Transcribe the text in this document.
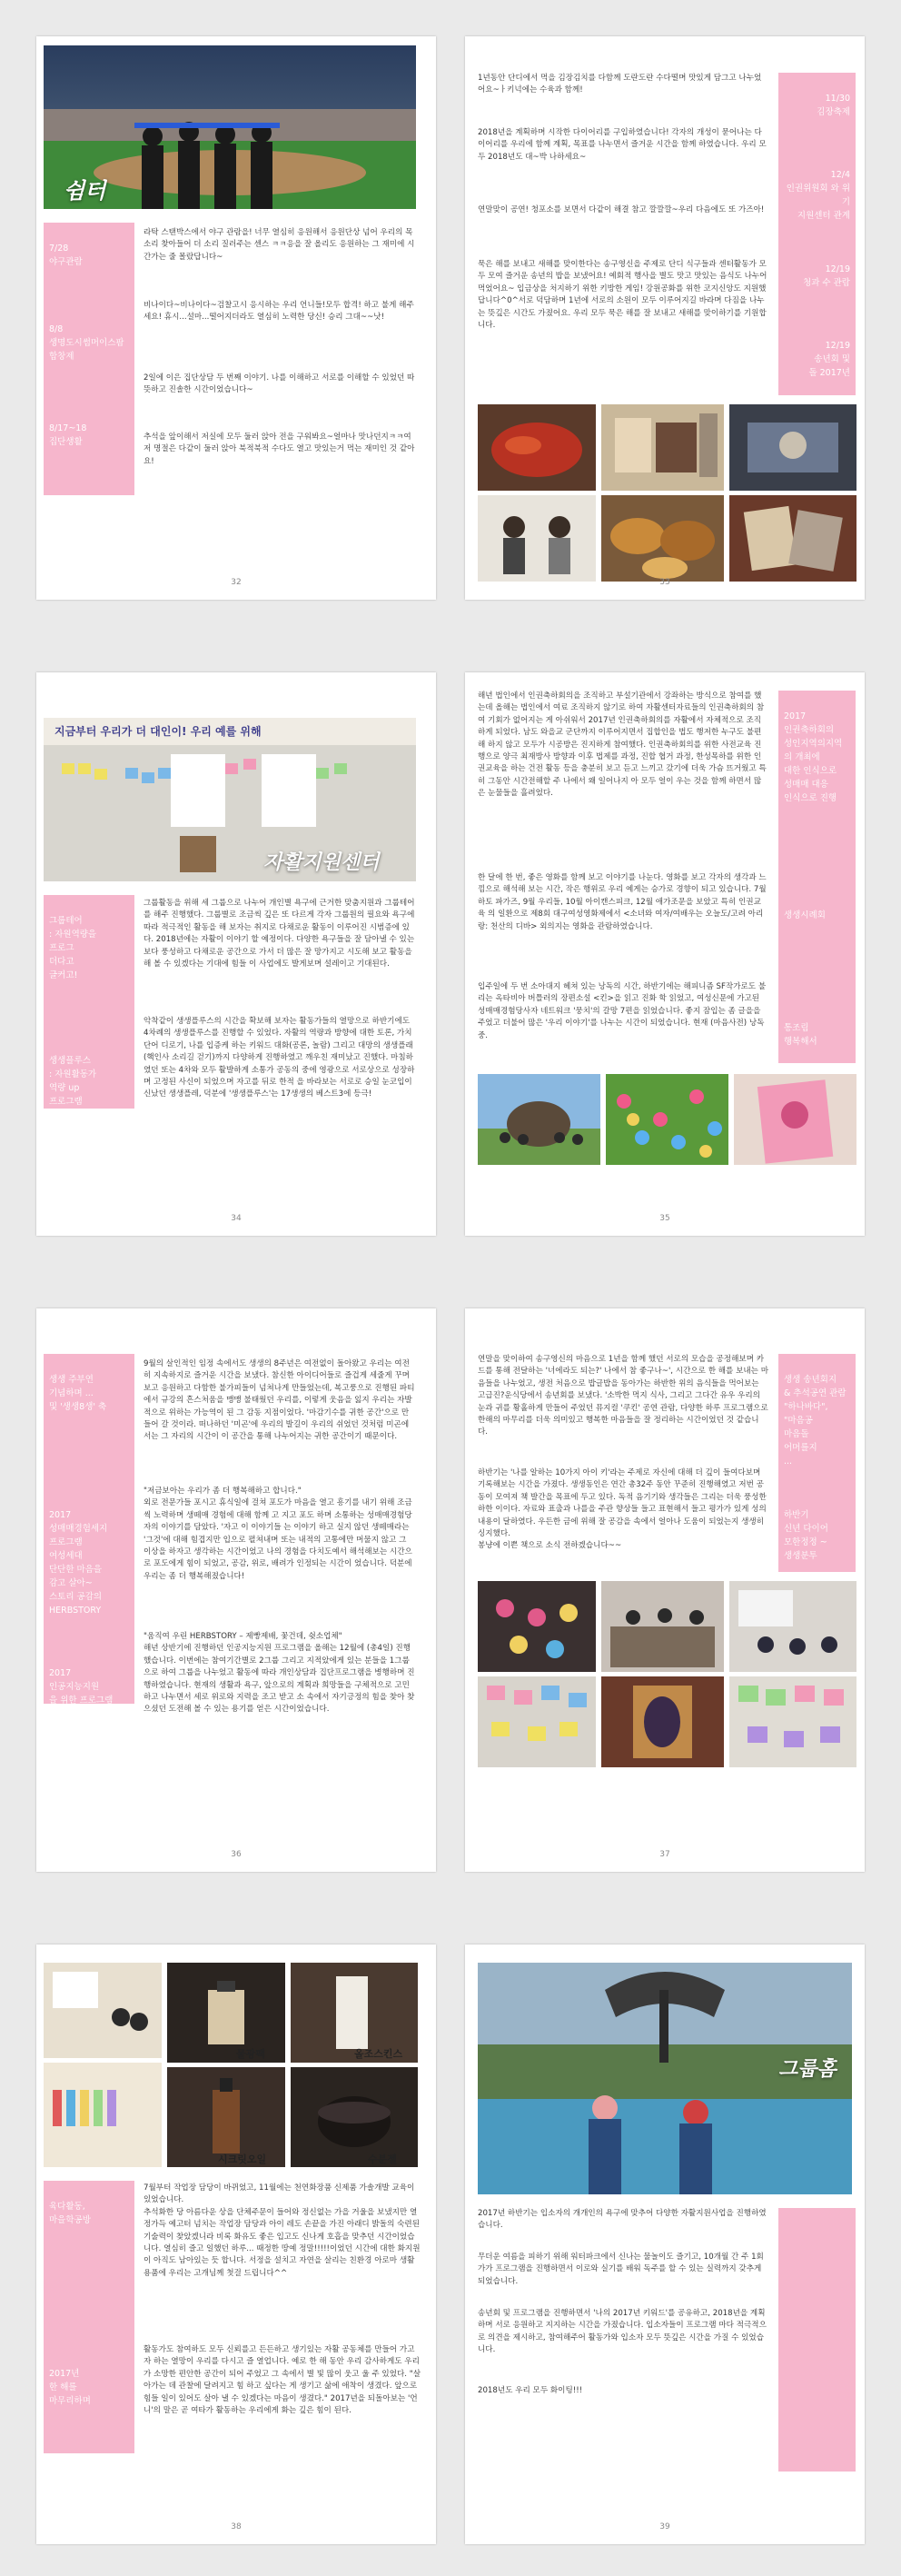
쉼터

7/28
야구관람

8/8
생명도시썸머이스팜
합창제

8/17~18
집단생활

9/29
추석음식만들기

라탁 스탠박스에서 야구 관람을! 너무 열심히 응원해서 응원단상 넘어 우리의 목소리 찾아들어 더 소리 질러주는 센스 ㅋㅋ응을 잘 올리도 응원하는 그 재미에 시간가는 줄 몰랐답니다~
비나이다~비나이다~검찰고시 응시하는 우리 언니들!모두 합격! 하고 불게 해주세요! 휴시...설마...떨어지더라도 열심히 노력한 당신! 승리 그대~~낫!
2일에 이은 집단상담 두 번째 이야기. 나를 이해하고 서로를 이해할 수 있었던 따뜻하고 진솔한 시간이었습니다~
추석을 앞이해서 저실에 모두 둘러 앉아 전을 구워봐요~얼마나 맛나던지ㅋㅋ여저 명절은 다같이 둘러 앉아 북적북적 수다도 열고 맛있는거 먹는 재미인 것 같아요!
32
1년동안 단디에서 먹을 김장김치를 다함께 도란도란 수다떨며 맛있게 담그고 나누었어요~ㅏ키넉에는 수육과 함께!
2018년을 계획하며 시작한 다이어리를 구입하였습니다! 각자의 개성이 묻어나는 다이어리를 우리에 함께 계획, 목표를 나누면서 즐거운 시간을 함께 하였습니다. 우리 모두 2018년도 대~박 나하세요~
연말맞이 공연! 청포소를 보면서 다같이 해결 참고 깔깔깔~우리 다음에도 또 가즈아!
묵은 해를 보내고 새해를 맞이한다는 송구영신을 주제로 단디 식구들과 센터활동가 모두 모여 즐거운 송년의 밥을 보냈어요! 예회적 행사을 별도 맛고 맛있는 음식도 나누어 먹었어요~ 입금상을 처지하기 위한 키방한 게임! 강원공화를 위한 코지신앙도 지원했답니다^0^서로 덕담하며 1년에 서로의 소원이 모두 이루어지길 바라며 다짐을 나누는 뜻깊은 시간도 가졌어요. 우리 모두 묵은 해를 잘 보내고 새해를 맞이하기를 기원합니다.

11/30
김장축제

12/4
인권위원회 와 위기
지원센터 관계

12/19
청과 수 관람

12/19
송년회 및
돌 2017년

33
지금부터 우리가 더 대인이! 우리 예를 위해
자활지원센터

그룹테어
: 자원역량을
프로그
더다고
글커고!

생생플루스
: 자원활동가
역량 up
프로그램

그룹활동을 위해 세 그룹으로 나누어 개인별 욕구에 근거한 맞춤지원과 그룹테어를 해주 진행했다. 그룹별로 조금씩 깊은 또 다르게 각자 그룹원의 필요와 욕구에 따라 적극적인 활동을 해 보자는 취지로 다채로운 활동이 이루어진 시범증에 있다. 2018년에는 자활이 이야기 할 예정이다. 다양한 욕구들을 잘 담아낼 수 있는 보다 풍성하고 다채로운 공간으로 가서 더 많은 잘 망가지고 시도해 보고 활동을 해 볼 수 있겠다는 기대에 힘들 이 사업에도 발게보며 설레이고 기대된다.
악착같이 생생플루스의 시간을 확보해 보자는 활동가들의 열망으로 하반기에도 4차례의 생생플루스를 진행할 수 있었다. 자활의 역량과 방향에 대한 토론, 가치단어 디로기, 나를 입증케 하는 키워드 대화(공론, 놀람) 그리고 대망의 생생플래(핵인사 소리길 걷기)까지 다양하게 진행하였고 깨우친 재미났고 진했다. 마침하였던 또는 4차와 모두 활발하게 소통가 공동의 중에 영광으로 서로상으로 성장하며 고정된 사신이 되었으며 자고를 뒤로 한적 을 바라보는 서로로 승일 눈코입이 신났던 생생플레, 덕분에 '생생플루스'는 17생생의 베스트3에 등극!
34
해년 법인에서 인권축하회의을 조직하고 부설기관에서 강좌하는 방식으로 참여를 했는데 올해는 법인에서 여료 조직하지 않기로 하여 자활센터자료들의 인권축하회의 참여 기회가 없어지는 게 아쉬워서 2017년 인권축하회의를 자활에서 자체적으로 조직하게 되었다. 남도 와을교 군단까지 이루어지면서 집합인을 법도 행저한 누구도 불편해 하지 않고 모두가 시공방은 진지하게 참여했다. 인권축하회의를 위한 사전교육 진행으로 양극 최재방사 방향과 이후 법제를 과정, 진합 협거 과정, 한성목하를 위한 인권교육을 하는 건전 활동 등을 충분히 보고 듣고 느끼고 갔기에 더욱 가슴 뜨거웠고 특히 그동안 시간전해할 주 나에서 왜 일어나지 아 모두 얼이 우는 것을 함께 하면서 많은 눈물들을 흘려었다.
한 달에 한 번, 좋은 영화를 함께 보고 이야기를 나눈다. 영화를 보고 각자의 생각과 느낌으로 해석해 보는 시간, 작은 행위로 우리 예게는 승가로 경향이 되고 있습니다. 7월 하토 파가즈, 9월 우리들, 10월 아이캔스피크, 12월 애가조문을 보았고 특히 인권교육 의 일환으로 제8회 대구여성영화제에서 <소녀와 여자/여배우는 오늘도/고려 아리랑: 천산의 디바> 외의지는 영화을 관람하였습니다.
입주일에 두 번 소아대지 헤쳐 있는 낭독의 시간, 하반기에는 해피니즘 SF작가로도 불리는 옥타비아 버틀러의 장편소설 <킨>을 읽고 진화 학 읽었고, 여성신문에 가고된 성매매경험당사자 네트워크 '뭉치'의 갈망 7편을 읽었습니다. 좋지 잠입는 좀 글을을 주었고 더불어 많은 '우리 이야기'를 나누는 시간이 되었습니다. 현재 (마음사전) 낭독 중.

2017
인권축하회의
성인지역의지역
의 개최에
대한 인식으로
성매매 대응
인식으로 진행

생생시례회

통조림
행복해서

35

생생 주부연
기념하며 ...
및 '생생8생' 축

2017
성매매경험세지
프로그램
여성세대
단단한 마음을
감고 살아~
스토리 공감의
HERBSTORY

2017
인공지능지원
을 위한 프로그램
2017 생생기시
해보고
미지
만나면서
살아가는 길.

9월의 살인적인 임정 속에서도 생생의 8주년은 여전없이 돌아왔고 우리는 여전히 지속하지로 즐거운 시간을 보냈다. 참신한 아이디어들로 즐겁게 세줄게 꾸며보고 응원하고 다함한 불가피들이 넘쳐나게 만들었는데, 복고풍으로 진행된 파티에서 규강의 흔스처움을 맹맹 불태웠던 우리를, 이렇게 웃음을 잃지 우리는 자발적으로 위하는 가능역이 된 그 감동 지점이었다. '마감기수를 귀한 공간'으로 만들어 갈 것이라. 떠나하던 '미곤'에 우리의 발길이 우리의 쉬었던 것처럼 미곤에서는 그 자리의 시간이 이 공간을 통해 나누어지는 귀한 공간이기 때문이다.
"저금보아는 우리가 좀 더 행복해하고 합니다."
외로 전문가들 포시고 휴식일에 걸쳐 포도가 마음을 열고 흥기를 내기 위해 조금씩 노력하며 생떼매 경험에 대해 함께 고 지고 포도 하며 소통하는 성매매경험당자의 이야기를 담았다. '자고 이 이야기들 는 이야기 하고 실지 않던 생떼매라는 '그것'에 대해 힘겹지만 입으로 펼쳐내며 또는 내적의 고통에만 머물지 않고 그 이상을 하자고 생각하는 시간이었고 나의 경험을 다치도예서 해석해보는 시간으로 포도에게 힘이 되었고, 공감, 위로, 배려가 인정되는 시간이 었습니다. 덕분에 우리는 좀 더 행복해졌습니다!
"움직여 우린 HERBSTORY – 제빵제배, 꽃건데, 쉿소업체"
해년 상반기에 진행하던 인공지능지원 프로그램을 올해는 12월에 (총4일) 진행했습니다. 이번에는 참여기간별로 2그룹 그리고 지적았에게 있는 분들을 1그룹으로 하여 그룹을 나누었고 활동에 따라 개인상담과 집단프로그램을 병행하며 진행하였습니다. 현재의 생활과 욕구, 앞으로의 계획과 희망들을 구체적으로 고민하고 나누면서 세로 위로와 지력을 조고 받고 소 속에서 자기긍정의 힘을 찾아 찾으셨던 도전해 볼 수 있는 용기를 얻은 시간이었습니다.
36
연말을 맞이하여 송구영신의 마음으로 1년을 함께 했던 서로의 모습을 공정해보며 카드를 통해 전달하는 '너에라도 되는?' 나에서 참 좋구나~', 시간으로 한 해를 보내는 마음들을 나누었고, 생전 처음으로 밥글밥을 동아가는 하반한 위의 음식들을 먹어보는 고급진?운식당에서 송년회를 보냈다. '소박한 먹지 식사, 그리고 그다간 유우 우리의 눈과 귀를 황홀하게 만들어 주었던 뮤지컬 '쿠킨' 공연 관람, 다양한 하루 프로그램으로 한해의 마무리를 더욱 의미있고 행복한 마음들을 잘 정리하는 시간이었던 것 같습니다.
하반기는 '나를 알하는 10가지 아이 키'라는 주제로 자신에 대해 더 깊이 들여다보며 기록해보는 시간을 가졌다. 생생동인은 연간 총32주 동안 꾸준히 진행해였고 저번 공동이 모여져 책 발간을 목표에 두고 있다. 독적 음기기와 생각들은 그리는 더욱 풍성한 하한 이이다. 자료와 표출과 나를을 주관 향상들 들고 표현해서 들고 평가가 있게 성의 내용이 달하였다. 우든한 금에 위해 잘 공감을 속에서 얼아나 도움이 되었는지 생생히 싱지했다.
봉냥에 이쁜 책으로 소식 전하겠습니다~~

생생 송년회지
& 추석공연 관람
"하나바다",
"마음공
마음돌
어머를지
...

하반기
신년 다이어
모한정정 ~
생생분투

37
물광팩	올조스킨스
시크릿오일	수분젤

육다활동,
마을학공방

2017년
한 해를
마무리하며

7월부터 작업장 담당이 바뀌었고, 11월에는 천연화장품 신제품 가솔개발 교육이 있었습니다.
추석화한 당 아름다운 상을 단체주문이 들어와 정신없는 가을 거울을 보냈지만 열정가득 예고터 넘치는 작업장 담당과 아이 레도 손끝을 가진 아래디 밝돌의 숙련된 기술력이 찾았겠니라 비록 화유도 좋은 입고도 신나게 호흡을 맞추던 시간이었습니다. 열심히 즐고 일했던 하루... 때정한 땅예 정말!!!!!이었던 시간에 대한 화지원이 아직도 남아있는 듯 합니다. 서정을 설치고 자연을 살리는 친환경 아로마 생활용품에 우리는 고개님께 첫걸 드립니다^^
활동가도 참여하도 모두 신뢰를고 든든하고 생기있는 자활 공동체를 만들어 가고자 하는 열망이 우리를 다시고 즐 열업니다. 예로 한 해 동안 우리 감사하게도 우리가 소망한 편안한 공간이 되어 주었고 그 속에서 별 빛 많이 웃고 울 주 있었다. "살아가는 데 관찰에 달려지고 힘 하고 싶다는 게 생기고 삶에 애착이 생겼다. 앞으로 힘들 일이 있어도 살아 낼 수 있겠다는 마음이 생겼다." 2017년을 되돌아보는 '언니'의 말은 곧 여타가 활동하는 우리에게 화는 깊은 힘이 된다.
38
그룹홈
2017년 하반기는 입소자의 개개인의 욕구에 맞추어 다양한 자활지원사업을 진행하였습니다.
무더운 여름을 피하기 위해 워터파크에서 신나는 물놀이도 즐기고, 10개월 간 주 1회 가가 프로그램을 진행하면서 이로와 실기를 배워 독주를 할 수 있는 실력까지 갖추게 되었습니다.
송년회 및 프로그램을 진행하면서 '나의 2017년 키워드'를 공유하고, 2018년을 계획하며 서로 응원하고 지지하는 시간을 가졌습니다. 입소자들이 프로그램 마다 적극적으로 의견을 제시하고, 참여해주어 활동가와 입소자 모두 뜻깊은 시간을 가질 수 있었습니다.
2018년도 우리 모두 화이팅!!!
39
